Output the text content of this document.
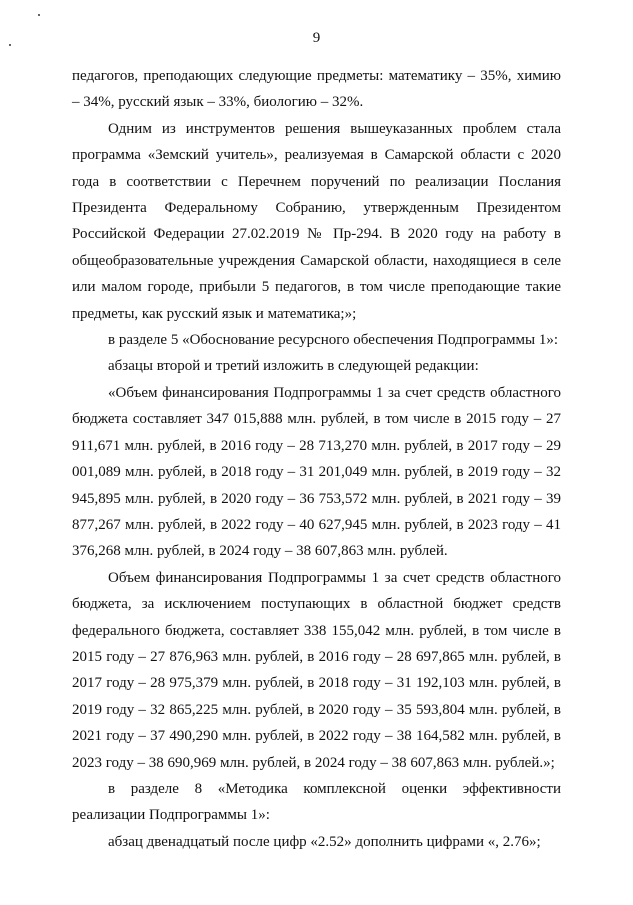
9

педагогов, преподающих следующие предметы: математику – 35%, химию – 34%, русский язык – 33%, биологию – 32%.

Одним из инструментов решения вышеуказанных проблем стала программа «Земский учитель», реализуемая в Самарской области с 2020 года в соответствии с Перечнем поручений по реализации Послания Президента Федеральному Собранию, утвержденным Президентом Российской Федерации 27.02.2019 № Пр-294. В 2020 году на работу в общеобразовательные учреждения Самарской области, находящиеся в селе или малом городе, прибыли 5 педагогов, в том числе преподающие такие предметы, как русский язык и математика;»;

в разделе 5 «Обоснование ресурсного обеспечения Подпрограммы 1»:

абзацы второй и третий изложить в следующей редакции:

«Объем финансирования Подпрограммы 1 за счет средств областного бюджета составляет 347 015,888 млн. рублей, в том числе в 2015 году – 27 911,671 млн. рублей, в 2016 году – 28 713,270 млн. рублей, в 2017 году – 29 001,089 млн. рублей, в 2018 году – 31 201,049 млн. рублей, в 2019 году – 32 945,895 млн. рублей, в 2020 году – 36 753,572 млн. рублей, в 2021 году – 39 877,267 млн. рублей, в 2022 году – 40 627,945 млн. рублей, в 2023 году – 41 376,268 млн. рублей, в 2024 году – 38 607,863 млн. рублей.

Объем финансирования Подпрограммы 1 за счет средств областного бюджета, за исключением поступающих в областной бюджет средств федерального бюджета, составляет 338 155,042 млн. рублей, в том числе в 2015 году – 27 876,963 млн. рублей, в 2016 году – 28 697,865 млн. рублей, в 2017 году – 28 975,379 млн. рублей, в 2018 году – 31 192,103 млн. рублей, в 2019 году – 32 865,225 млн. рублей, в 2020 году – 35 593,804 млн. рублей, в 2021 году – 37 490,290 млн. рублей, в 2022 году – 38 164,582 млн. рублей, в 2023 году – 38 690,969 млн. рублей, в 2024 году – 38 607,863 млн. рублей.»;

в разделе 8 «Методика комплексной оценки эффективности реализации Подпрограммы 1»:

абзац двенадцатый после цифр «2.52» дополнить цифрами «, 2.76»;
